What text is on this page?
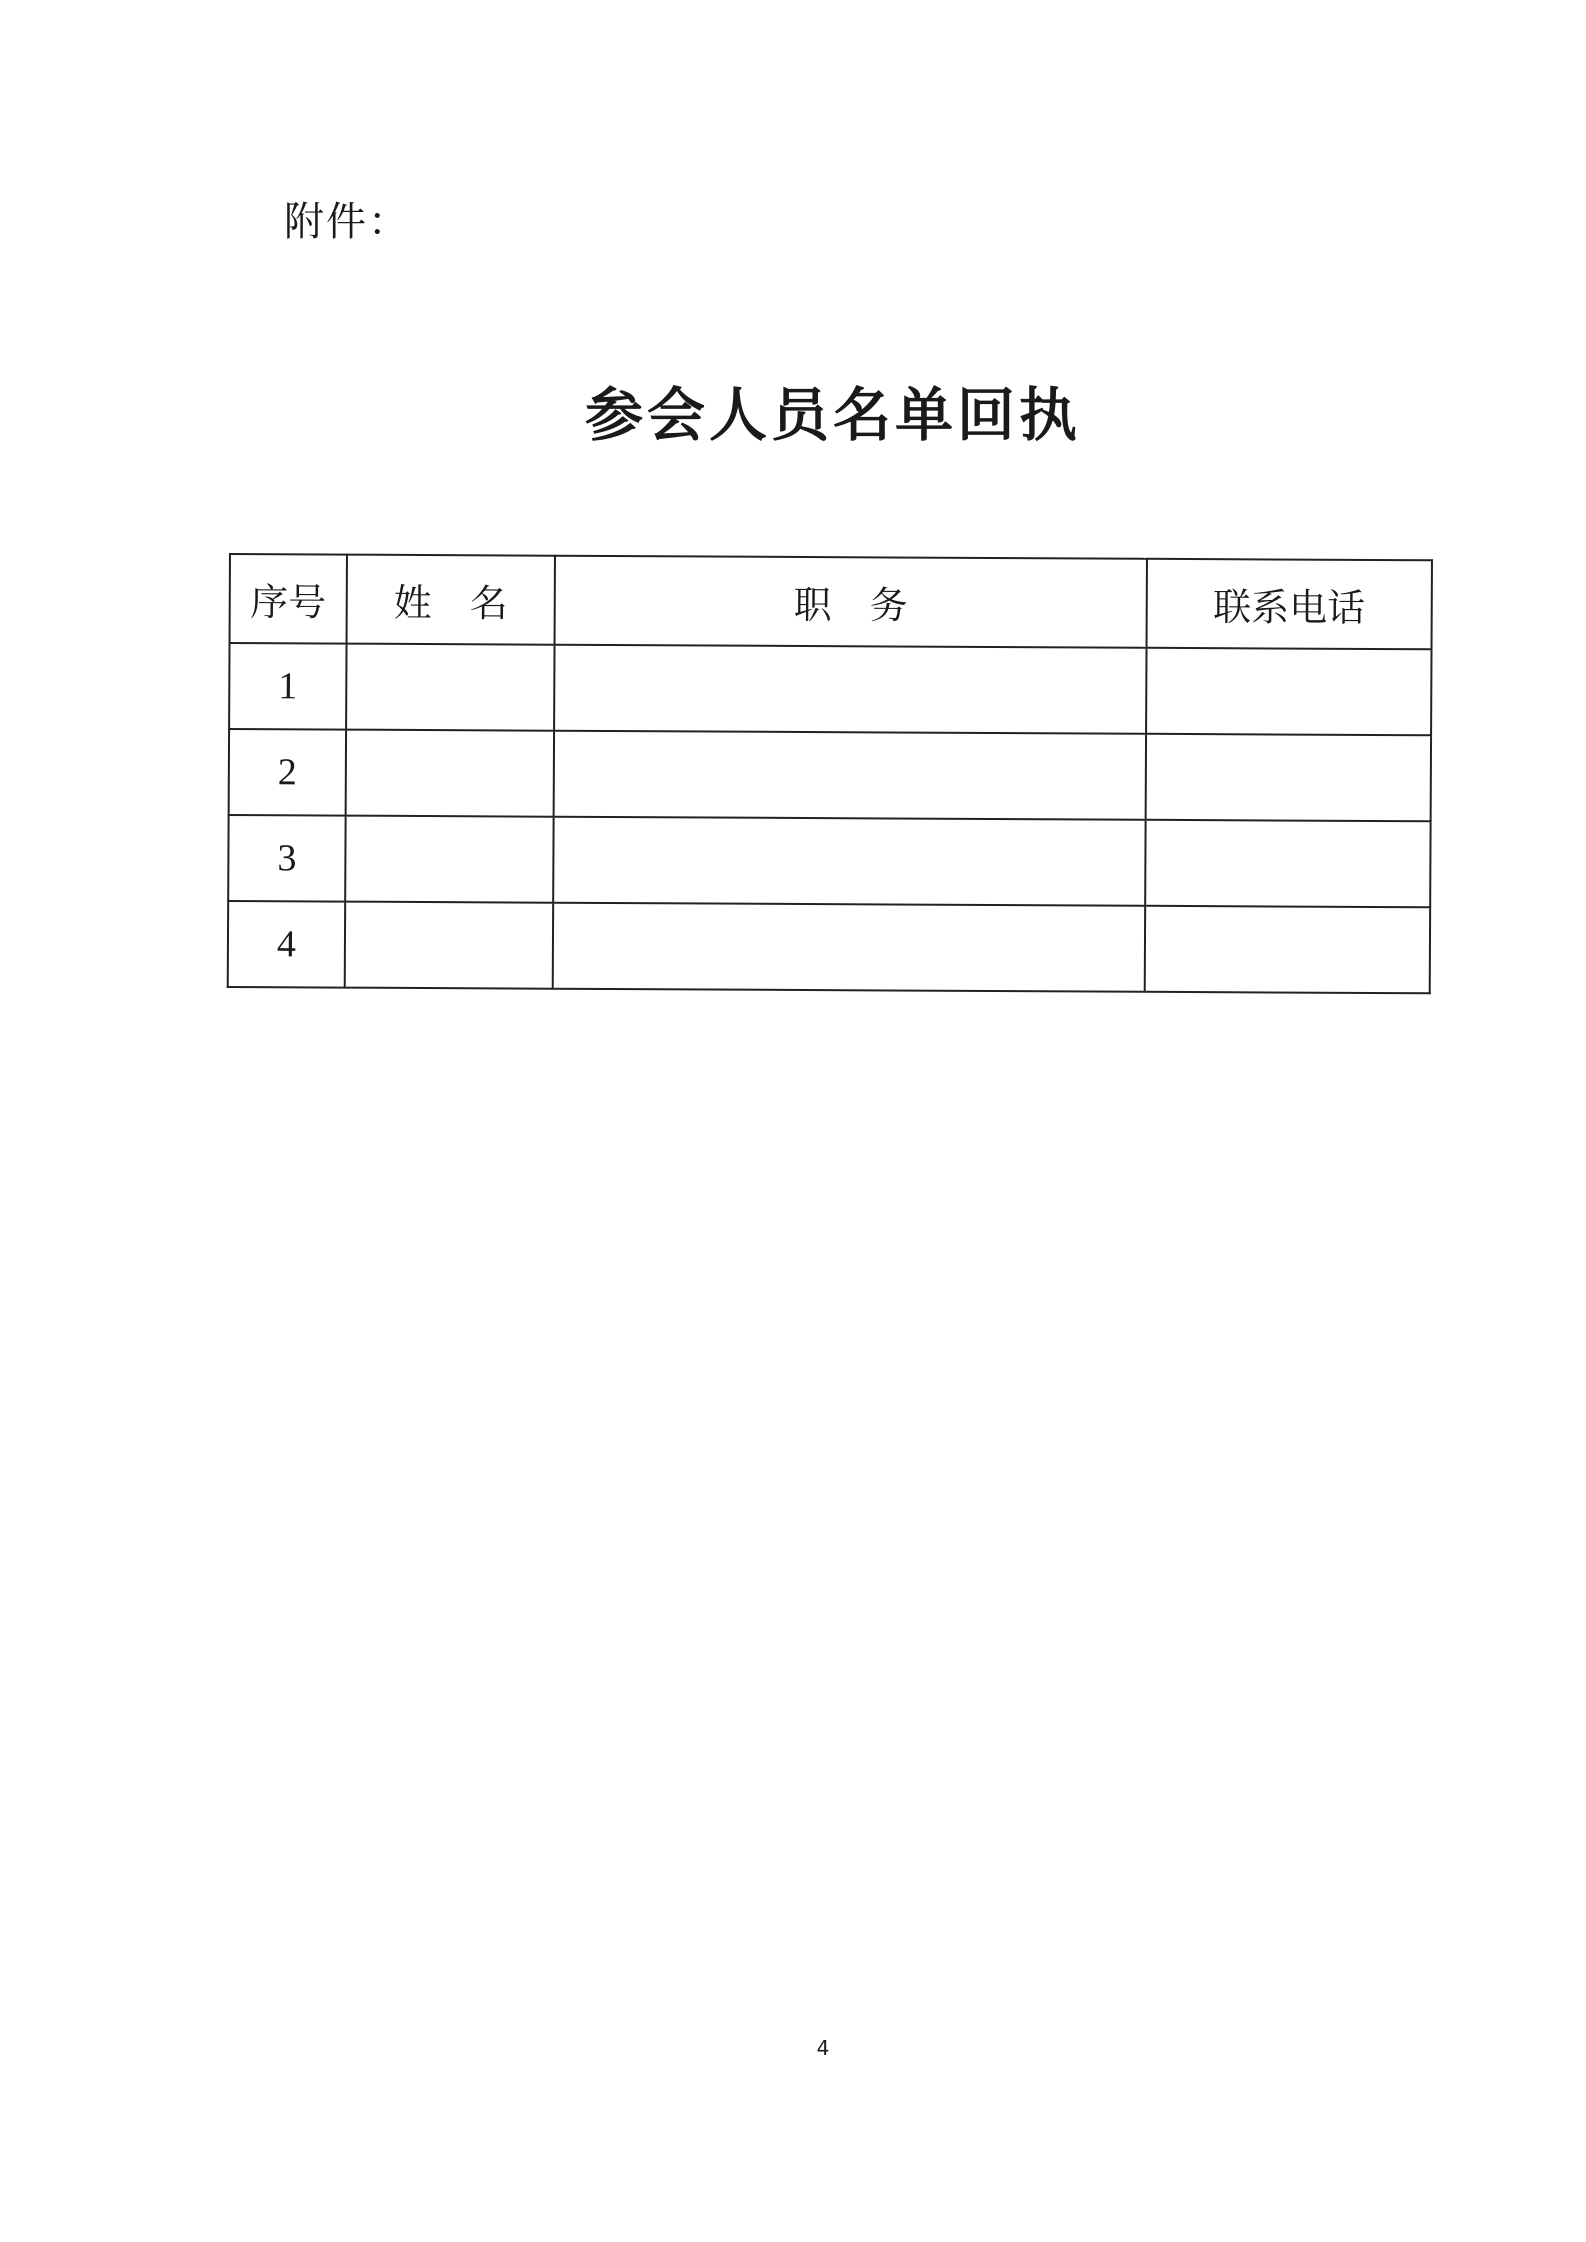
附件：
参会人员名单回执
序号	姓　名	职　务	联系电话
1			
2			
3			
4			
4
